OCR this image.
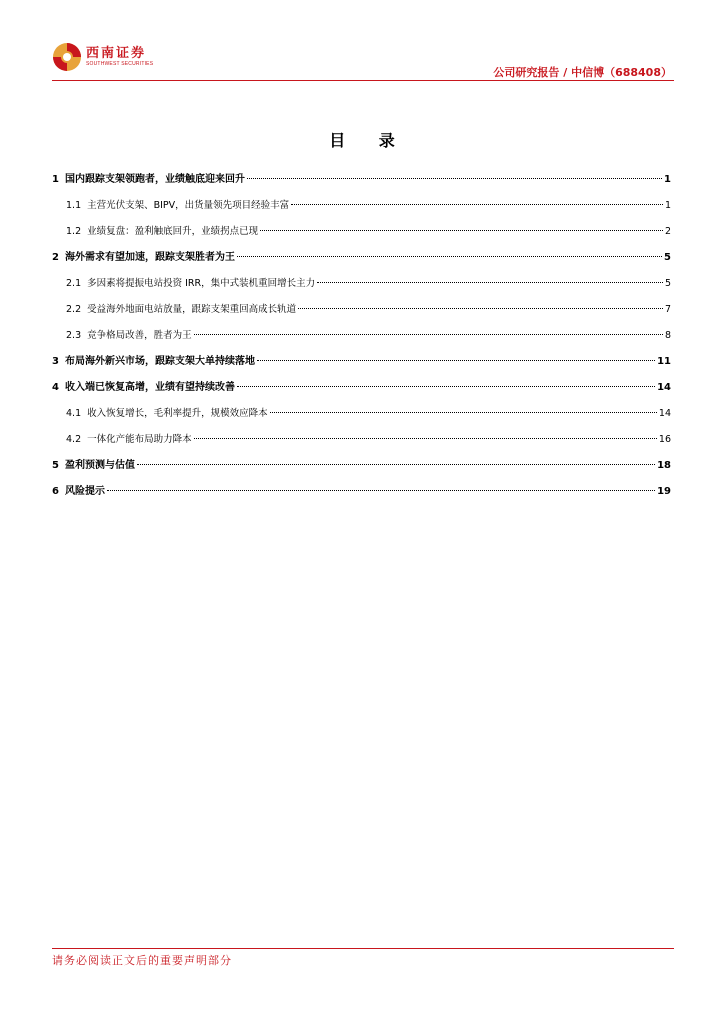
西南证券
SOUTHWEST SECURITIES
公司研究报告 / 中信博（688408）
目 录
1 国内跟踪支架领跑者，业绩触底迎来回升	1
1.1 主营光伏支架、BIPV，出货量领先项目经验丰富	1
1.2 业绩复盘：盈利触底回升，业绩拐点已现	2
2 海外需求有望加速，跟踪支架胜者为王	5
2.1 多因素将提振电站投资 IRR，集中式装机重回增长主力	5
2.2 受益海外地面电站放量，跟踪支架重回高成长轨道	7
2.3 竞争格局改善，胜者为王	8
3 布局海外新兴市场，跟踪支架大单持续落地	11
4 收入端已恢复高增，业绩有望持续改善	14
4.1 收入恢复增长，毛利率提升，规模效应降本	14
4.2 一体化产能布局助力降本	16
5 盈利预测与估值	18
6 风险提示	19
请务必阅读正文后的重要声明部分
